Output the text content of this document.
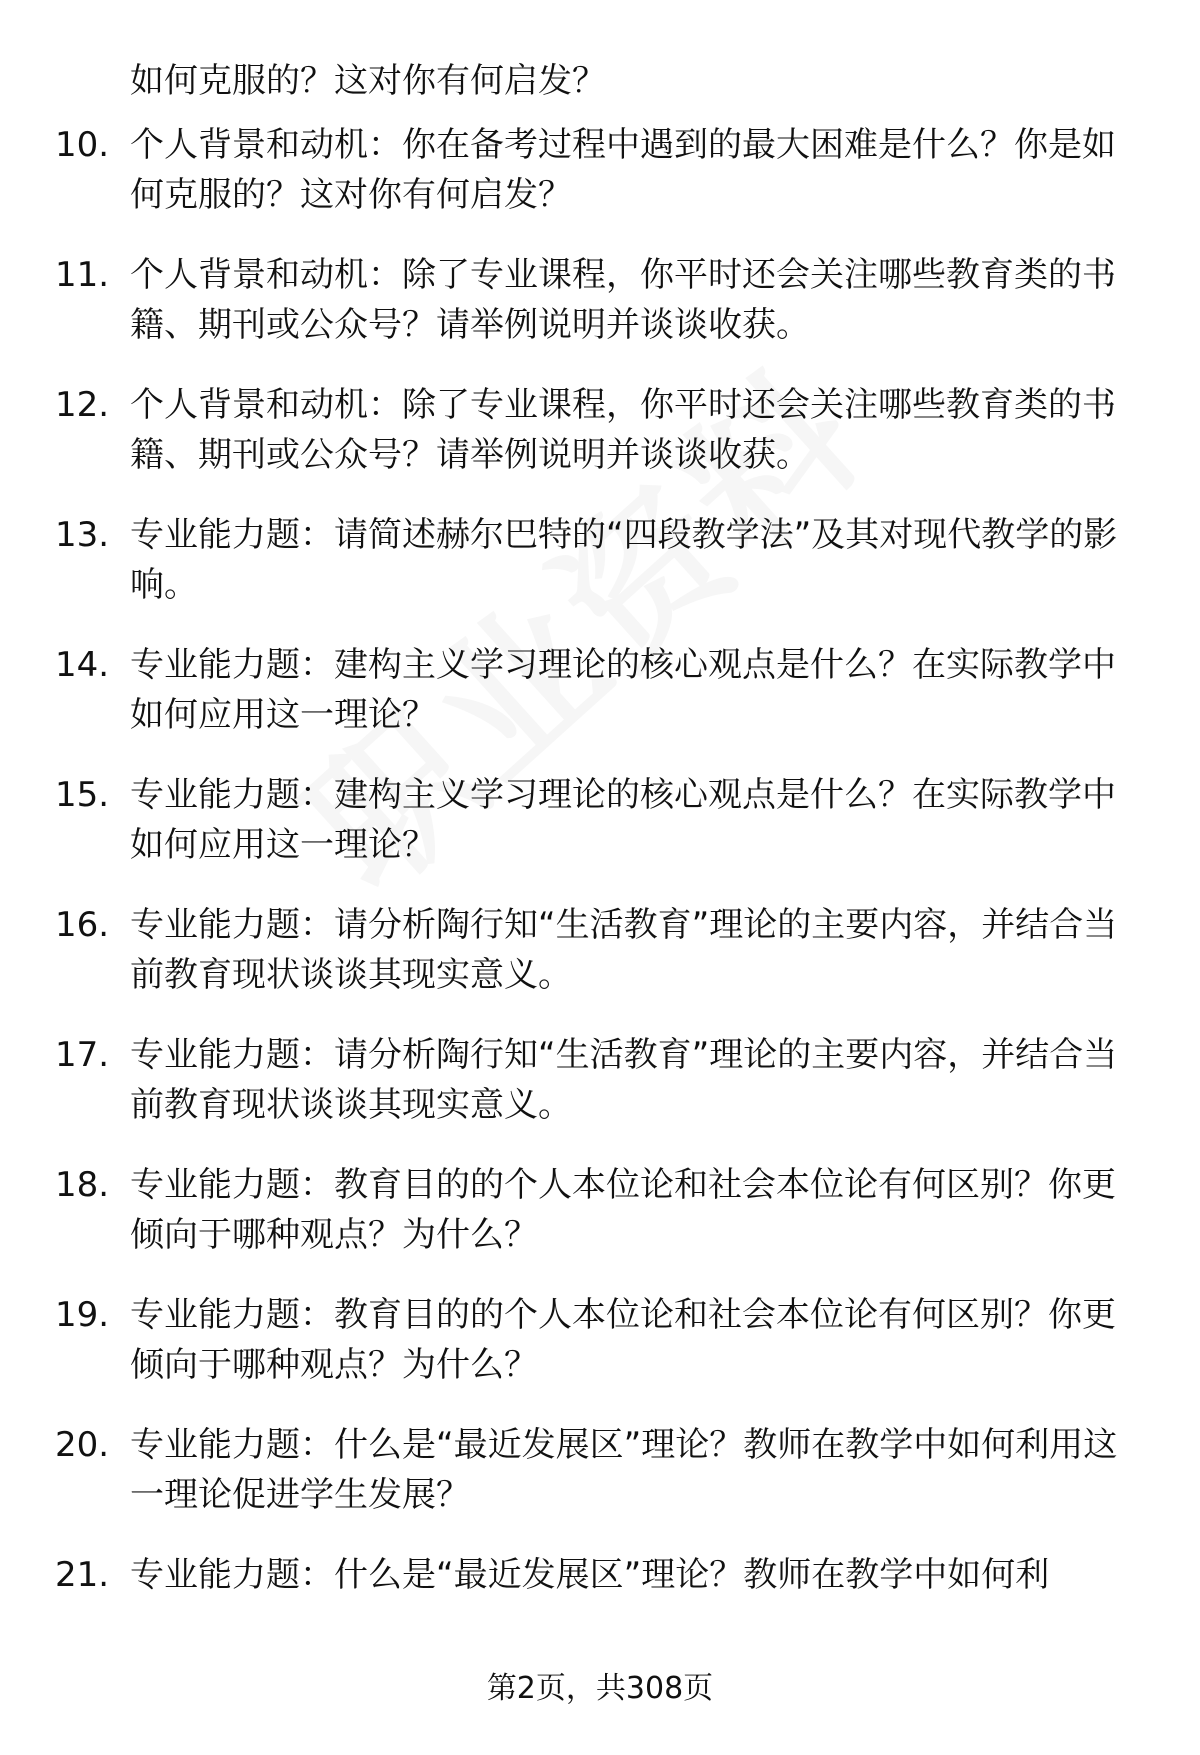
如何克服的？这对你有何启发？
10. 个人背景和动机：你在备考过程中遇到的最大困难是什么？你是如何克服的？这对你有何启发？
11. 个人背景和动机：除了专业课程，你平时还会关注哪些教育类的书籍、期刊或公众号？请举例说明并谈谈收获。
12. 个人背景和动机：除了专业课程，你平时还会关注哪些教育类的书籍、期刊或公众号？请举例说明并谈谈收获。
13. 专业能力题：请简述赫尔巴特的“四段教学法”及其对现代教学的影响。
14. 专业能力题：建构主义学习理论的核心观点是什么？在实际教学中如何应用这一理论？
15. 专业能力题：建构主义学习理论的核心观点是什么？在实际教学中如何应用这一理论？
16. 专业能力题：请分析陶行知“生活教育”理论的主要内容，并结合当前教育现状谈谈其现实意义。
17. 专业能力题：请分析陶行知“生活教育”理论的主要内容，并结合当前教育现状谈谈其现实意义。
18. 专业能力题：教育目的的个人本位论和社会本位论有何区别？你更倾向于哪种观点？为什么？
19. 专业能力题：教育目的的个人本位论和社会本位论有何区别？你更倾向于哪种观点？为什么？
20. 专业能力题：什么是“最近发展区”理论？教师在教学中如何利用这一理论促进学生发展？
21. 专业能力题：什么是“最近发展区”理论？教师在教学中如何利
第2页，共308页
